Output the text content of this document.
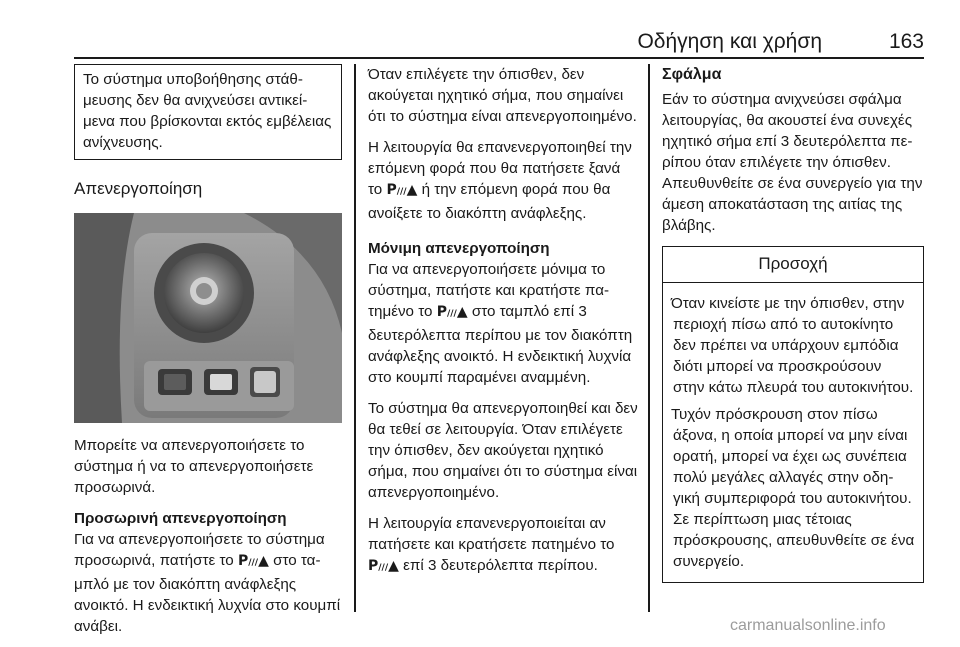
Οδήγηση και χρήση	163
Το σύστημα υποβοήθησης στάθμευσης δεν θα ανιχνεύσει αντικείμενα που βρίσκονται εκτός εμβέλειας ανίχνευσης.
Απενεργοποίηση

Μπορείτε να απενεργοποιήσετε το σύστημα ή να το απενεργοποιήσετε προσωρινά.

Προσωρινή απενεργοποίηση

Για να απενεργοποιήσετε το σύστημα προσωρινά, πατήστε το P///▲ στο ταμπλό με τον διακόπτη ανάφλεξης ανοικτό. Η ενδεικτική λυχνία στο κουμπί ανάβει.

Όταν επιλέγετε την όπισθεν, δεν ακούγεται ηχητικό σήμα, που σημαίνει ότι το σύστημα είναι απενεργοποιημένο.

Η λειτουργία θα επανενεργοποιηθεί την επόμενη φορά που θα πατήσετε ξανά το P///▲ ή την επόμενη φορά που θα ανοίξετε το διακόπτη ανάφλεξης.

Μόνιμη απενεργοποίηση

Για να απενεργοποιήσετε μόνιμα το σύστημα, πατήστε και κρατήστε πατημένο το P///▲ στο ταμπλό επί 3 δευτερόλεπτα περίπου με τον διακόπτη ανάφλεξης ανοικτό. Η ενδεικτική λυχνία στο κουμπί παραμένει αναμμένη.

Το σύστημα θα απενεργοποιηθεί και δεν θα τεθεί σε λειτουργία. Όταν επιλέγετε την όπισθεν, δεν ακούγεται ηχητικό σήμα, που σημαίνει ότι το σύστημα είναι απενεργοποιημένο.

Η λειτουργία επανενεργοποιείται αν πατήσετε και κρατήσετε πατημένο το P///▲ επί 3 δευτερόλεπτα περίπου.

Σφάλμα

Εάν το σύστημα ανιχνεύσει σφάλμα λειτουργίας, θα ακουστεί ένα συνεχές ηχητικό σήμα επί 3 δευτερόλεπτα περίπου όταν επιλέγετε την όπισθεν. Απευθυνθείτε σε ένα συνεργείο για την άμεση αποκατάσταση της αιτίας της βλάβης.

Προσοχή

Όταν κινείστε με την όπισθεν, στην περιοχή πίσω από το αυτοκίνητο δεν πρέπει να υπάρχουν εμπόδια διότι μπορεί να προσκρούσουν στην κάτω πλευρά του αυτοκινήτου.

Τυχόν πρόσκρουση στον πίσω άξονα, η οποία μπορεί να μην είναι ορατή, μπορεί να έχει ως συνέπεια πολύ μεγάλες αλλαγές στην οδηγική συμπεριφορά του αυτοκινήτου. Σε περίπτωση μιας τέτοιας πρόσκρουσης, απευθυνθείτε σε ένα συνεργείο.

carmanualsonline.info
